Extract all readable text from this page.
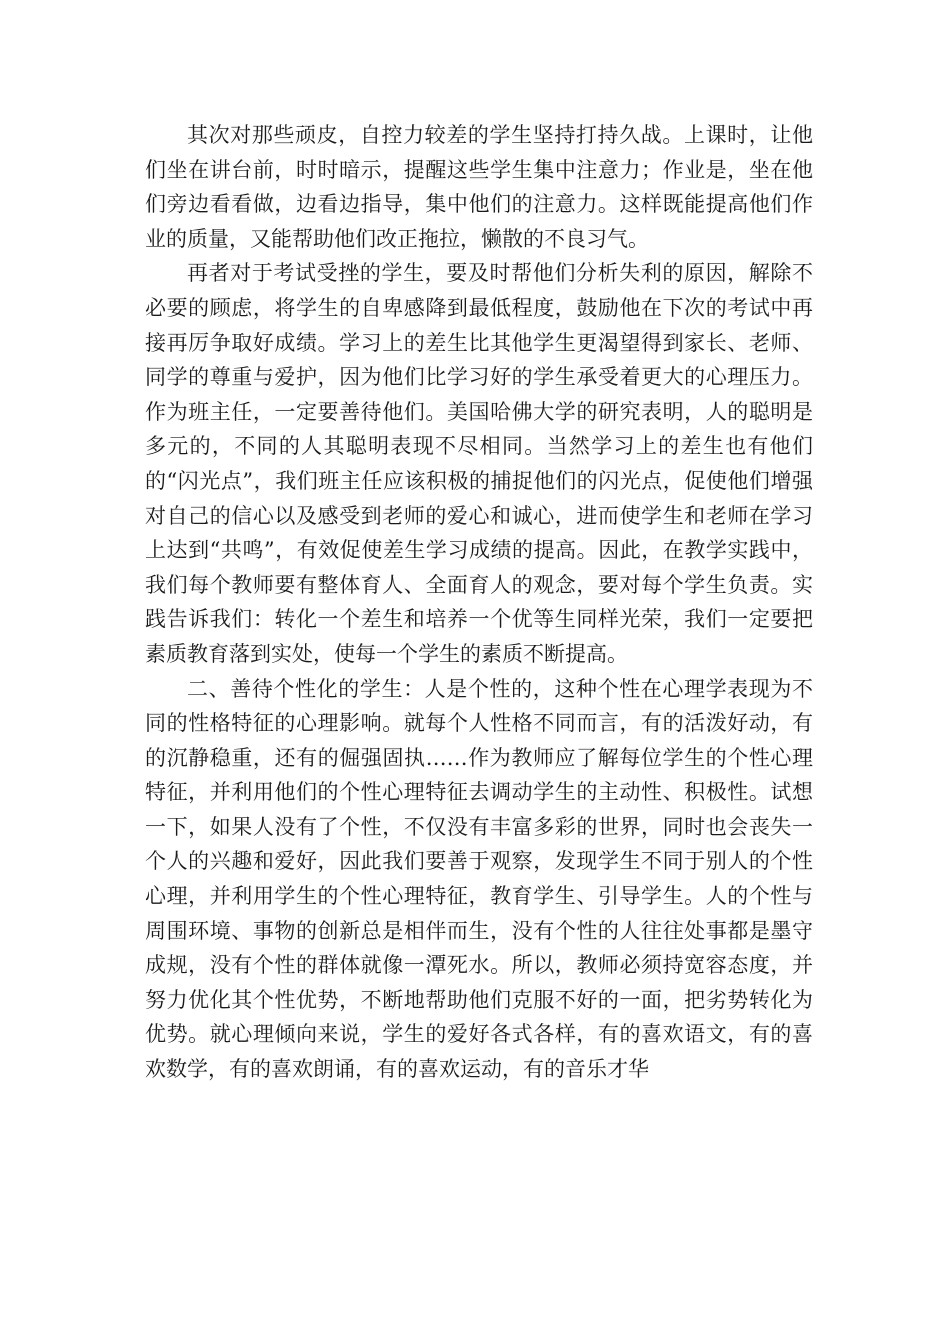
其次对那些顽皮，自控力较差的学生坚持打持久战。上课时，让他们坐在讲台前，时时暗示，提醒这些学生集中注意力；作业是，坐在他们旁边看看做，边看边指导，集中他们的注意力。这样既能提高他们作业的质量，又能帮助他们改正拖拉，懒散的不良习气。

再者对于考试受挫的学生，要及时帮他们分析失利的原因，解除不必要的顾虑，将学生的自卑感降到最低程度，鼓励他在下次的考试中再接再厉争取好成绩。学习上的差生比其他学生更渴望得到家长、老师、同学的尊重与爱护，因为他们比学习好的学生承受着更大的心理压力。作为班主任，一定要善待他们。美国哈佛大学的研究表明，人的聪明是多元的，不同的人其聪明表现不尽相同。当然学习上的差生也有他们的“闪光点”，我们班主任应该积极的捕捉他们的闪光点，促使他们增强对自己的信心以及感受到老师的爱心和诚心，进而使学生和老师在学习上达到“共鸣”，有效促使差生学习成绩的提高。因此，在教学实践中，我们每个教师要有整体育人、全面育人的观念，要对每个学生负责。实践告诉我们：转化一个差生和培养一个优等生同样光荣，我们一定要把素质教育落到实处，使每一个学生的素质不断提高。

二、善待个性化的学生：人是个性的，这种个性在心理学表现为不同的性格特征的心理影响。就每个人性格不同而言，有的活泼好动，有的沉静稳重，还有的倔强固执……作为教师应了解每位学生的个性心理特征，并利用他们的个性心理特征去调动学生的主动性、积极性。试想一下，如果人没有了个性，不仅没有丰富多彩的世界，同时也会丧失一个人的兴趣和爱好，因此我们要善于观察，发现学生不同于别人的个性心理，并利用学生的个性心理特征，教育学生、引导学生。人的个性与周围环境、事物的创新总是相伴而生，没有个性的人往往处事都是墨守成规，没有个性的群体就像一潭死水。所以，教师必须持宽容态度，并努力优化其个性优势，不断地帮助他们克服不好的一面，把劣势转化为优势。就心理倾向来说，学生的爱好各式各样，有的喜欢语文，有的喜欢数学，有的喜欢朗诵，有的喜欢运动，有的音乐才华
